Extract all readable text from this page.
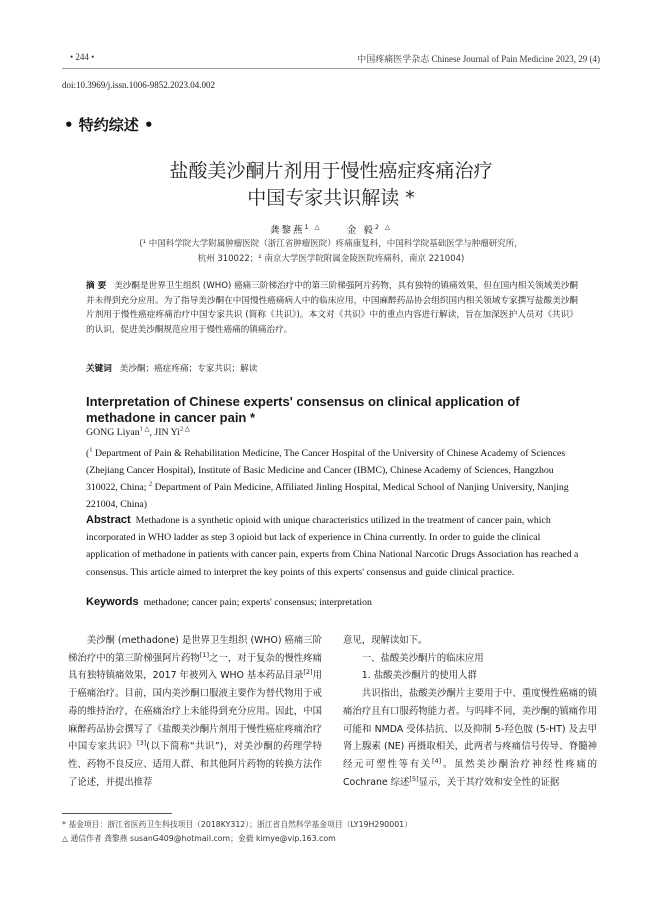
• 244 •	中国疼痛医学杂志 Chinese Journal of Pain Medicine 2023, 29 (4)
doi:10.3969/j.issn.1006-9852.2023.04.002
• 特约综述 •
盐酸美沙酮片剂用于慢性癌症疼痛治疗
中国专家共识解读 *
龚黎燕$^{1 \triangle}$	金 毅$^{2 \triangle}$
(¹ 中国科学院大学附属肿瘤医院（浙江省肿瘤医院）疼痛康复科，中国科学院基础医学与肿瘤研究所，
杭州 310022；² 南京大学医学院附属金陵医院疼痛科，南京 221004)
摘 要 美沙酮是世界卫生组织 (WHO) 癌痛三阶梯治疗中的第三阶梯强阿片药物，具有独特的镇痛效果，但在国内相关领域美沙酮并未得到充分应用。为了指导美沙酮在中国慢性癌痛病人中的临床应用，中国麻醉药品协会组织国内相关领域专家撰写盐酸美沙酮片剂用于慢性癌症疼痛治疗中国专家共识 (简称《共识》)。本文对《共识》中的重点内容进行解读，旨在加深医护人员对《共识》的认识，促进美沙酮规范应用于慢性癌痛的镇痛治疗。
关键词 美沙酮；癌症疼痛；专家共识；解读
Interpretation of Chinese experts' consensus on clinical application of methadone in cancer pain *
GONG Liyan$^{1 \triangle}$, JIN $Yi^{2 \triangle}$
($^1$ Department of Pain & Rehabilitation Medicine, The Cancer Hospital of the University of Chinese Academy of Sciences (Zhejiang Cancer Hospital), Institute of Basic Medicine and Cancer (IBMC), Chinese Academy of Sciences, Hangzhou 310022, China; $^2$ Department of Pain Medicine, Affiliated Jinling Hospital, Medical School of Nanjing University, Nanjing 221004, China)
Abstract Methadone is a synthetic opioid with unique characteristics utilized in the treatment of cancer pain, which incorporated in WHO ladder as step 3 opioid but lack of experience in China currently. In order to guide the clinical application of methadone in patients with cancer pain, experts from China National Narcotic Drugs Association has reached a consensus. This article aimed to interpret the key points of this experts' consensus and guide clinical practice.
Keywords methadone; cancer pain; experts' consensus; interpretation

美沙酮 (methadone) 是世界卫生组织 (WHO) 癌痛三阶梯治疗中的第三阶梯强阿片药物[1]之一，对于复杂的慢性疼痛具有独特镇痛效果，2017 年被列入 WHO 基本药品目录[2]用于癌痛治疗。目前，国内美沙酮口服液主要作为替代物用于戒毒的维持治疗，在癌痛治疗上未能得到充分应用。因此，中国麻醉药品协会撰写了《盐酸美沙酮片剂用于慢性癌症疼痛治疗中国专家共识》[3](以下简称“共识”)，对美沙酮的药理学特性、药物不良反应、适用人群、和其他阿片药物的转换方法作了论述，并提出推荐

意见，现解读如下。
一、盐酸美沙酮片的临床应用
1. 盐酸美沙酮片的使用人群

共识指出，盐酸美沙酮片主要用于中、重度慢性癌痛的镇痛治疗且有口服药物能力者。与吗啡不同，美沙酮的镇痛作用可能和 NMDA 受体拮抗、以及抑制 5-羟色胺 (5-HT) 及去甲肾上腺素 (NE) 再摄取相关，此两者与疼痛信号传导、脊髓神经元可塑性等有关[4]。虽然美沙酮治疗神经性疼痛的 Cochrane 综述[5]显示，关于其疗效和安全性的证据

* 基金项目：浙江省医药卫生科技项目（2018KY312）；浙江省自然科学基金项目（LY19H290001）
△ 通信作者 龚黎燕 susanG409@hotmail.com；金毅 kimye@vip.163.com
